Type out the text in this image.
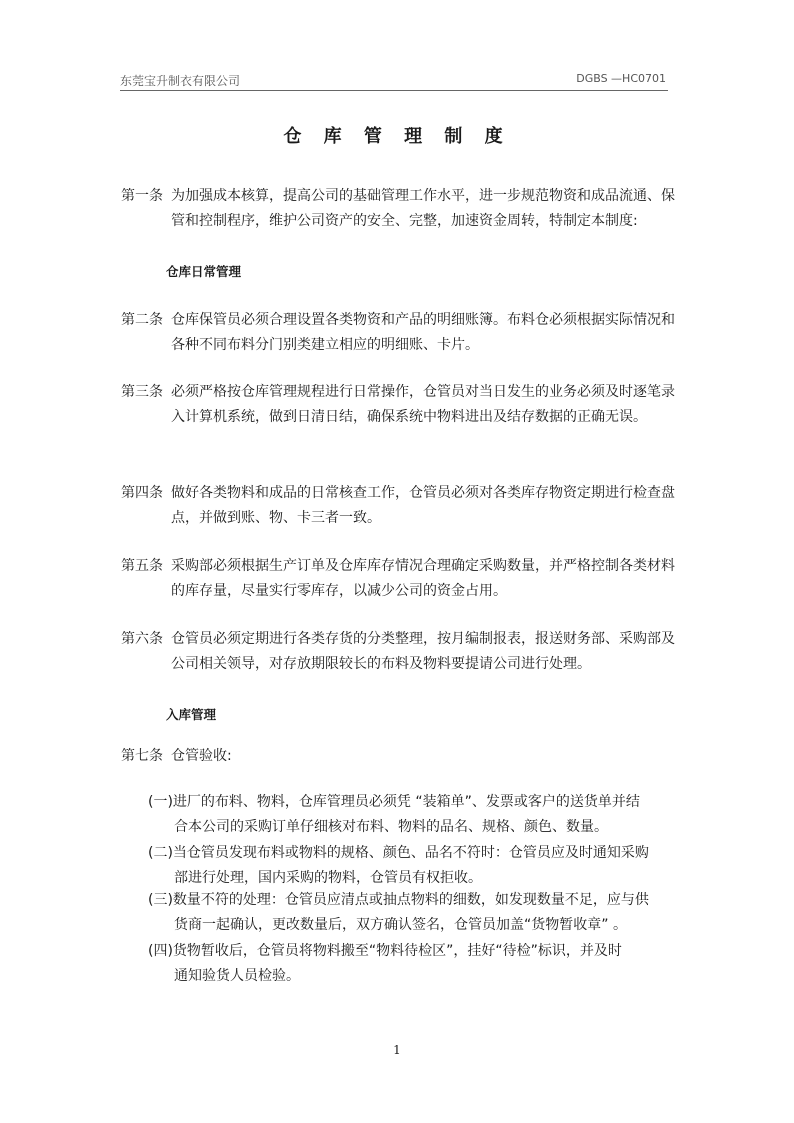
东莞宝升制衣有限公司	DGBS —HC0701
仓 库 管 理 制 度
第一条 为加强成本核算，提高公司的基础管理工作水平，进一步规范物资和成品流通、保管和控制程序，维护公司资产的安全、完整，加速资金周转，特制定本制度:
仓库日常管理
第二条 仓库保管员必须合理设置各类物资和产品的明细账簿。布料仓必须根据实际情况和各种不同布料分门别类建立相应的明细账、卡片。
第三条 必须严格按仓库管理规程进行日常操作，仓管员对当日发生的业务必须及时逐笔录入计算机系统，做到日清日结，确保系统中物料进出及结存数据的正确无误。
第四条 做好各类物料和成品的日常核查工作，仓管员必须对各类库存物资定期进行检查盘点，并做到账、物、卡三者一致。
第五条 采购部必须根据生产订单及仓库库存情况合理确定采购数量，并严格控制各类材料的库存量，尽量实行零库存，以减少公司的资金占用。
第六条 仓管员必须定期进行各类存货的分类整理，按月编制报表，报送财务部、采购部及公司相关领导，对存放期限较长的布料及物料要提请公司进行处理。
入库管理
第七条 仓管验收:
(一)进厂的布料、物料，仓库管理员必须凭 “装箱单”、发票或客户的送货单并结
合本公司的采购订单仔细核对布料、物料的品名、规格、颜色、数量。
(二)当仓管员发现布料或物料的规格、颜色、品名不符时：仓管员应及时通知采购
部进行处理，国内采购的物料，仓管员有权拒收。
(三)数量不符的处理：仓管员应清点或抽点物料的细数，如发现数量不足，应与供
货商一起确认，更改数量后，双方确认签名，仓管员加盖“货物暂收章” 。
(四)货物暂收后，仓管员将物料搬至“物料待检区”，挂好“待检”标识，并及时
通知验货人员检验。
1
